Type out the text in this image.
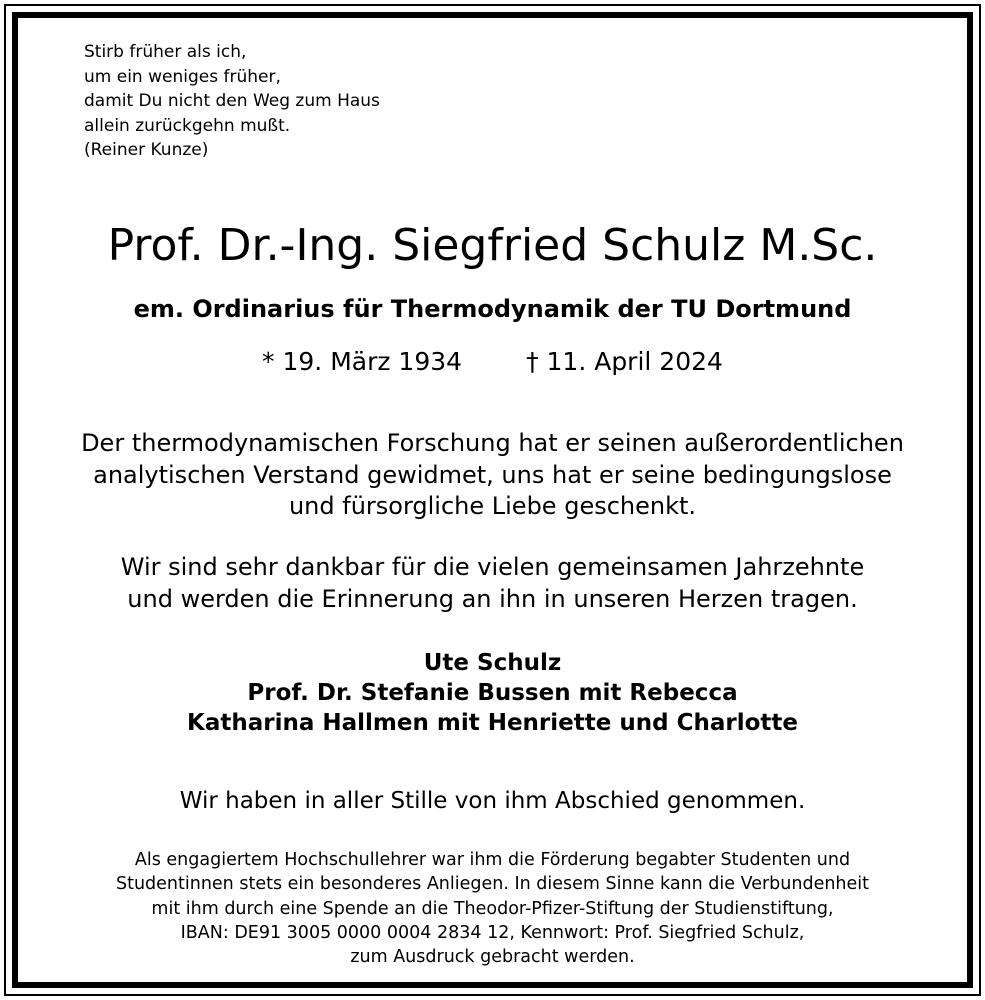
Stirb früher als ich,
um ein weniges früher,
damit Du nicht den Weg zum Haus
allein zurückgehn mußt.
(Reiner Kunze)
Prof. Dr.-Ing. Siegfried Schulz M.Sc.
em. Ordinarius für Thermodynamik der TU Dortmund
* 19. März 1934	† 11. April 2024
Der thermodynamischen Forschung hat er seinen außerordentlichen
analytischen Verstand gewidmet, uns hat er seine bedingungslose
und fürsorgliche Liebe geschenkt.
Wir sind sehr dankbar für die vielen gemeinsamen Jahrzehnte
und werden die Erinnerung an ihn in unseren Herzen tragen.
Ute Schulz
Prof. Dr. Stefanie Bussen mit Rebecca
Katharina Hallmen mit Henriette und Charlotte
Wir haben in aller Stille von ihm Abschied genommen.
Als engagiertem Hochschullehrer war ihm die Förderung begabter Studenten und
Studentinnen stets ein besonderes Anliegen. In diesem Sinne kann die Verbundenheit
mit ihm durch eine Spende an die Theodor-Pfizer-Stiftung der Studienstiftung,
IBAN: DE91 3005 0000 0004 2834 12, Kennwort: Prof. Siegfried Schulz,
zum Ausdruck gebracht werden.
